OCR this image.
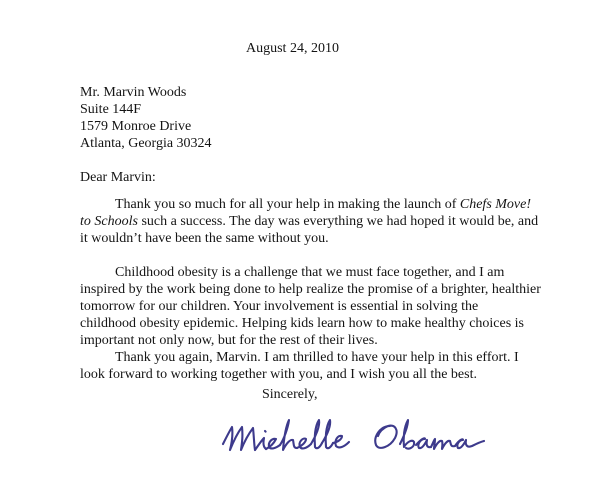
August 24, 2010
Mr. Marvin Woods
Suite 144F
1579 Monroe Drive
Atlanta, Georgia 30324
Dear Marvin:
Thank you so much for all your help in making the launch of Chefs Move!
to Schools such a success. The day was everything we had hoped it would be, and
it wouldn’t have been the same without you.
Childhood obesity is a challenge that we must face together, and I am
inspired by the work being done to help realize the promise of a brighter, healthier
tomorrow for our children. Your involvement is essential in solving the
childhood obesity epidemic. Helping kids learn how to make healthy choices is
important not only now, but for the rest of their lives.
Thank you again, Marvin. I am thrilled to have your help in this effort. I
look forward to working together with you, and I wish you all the best.
Sincerely,
